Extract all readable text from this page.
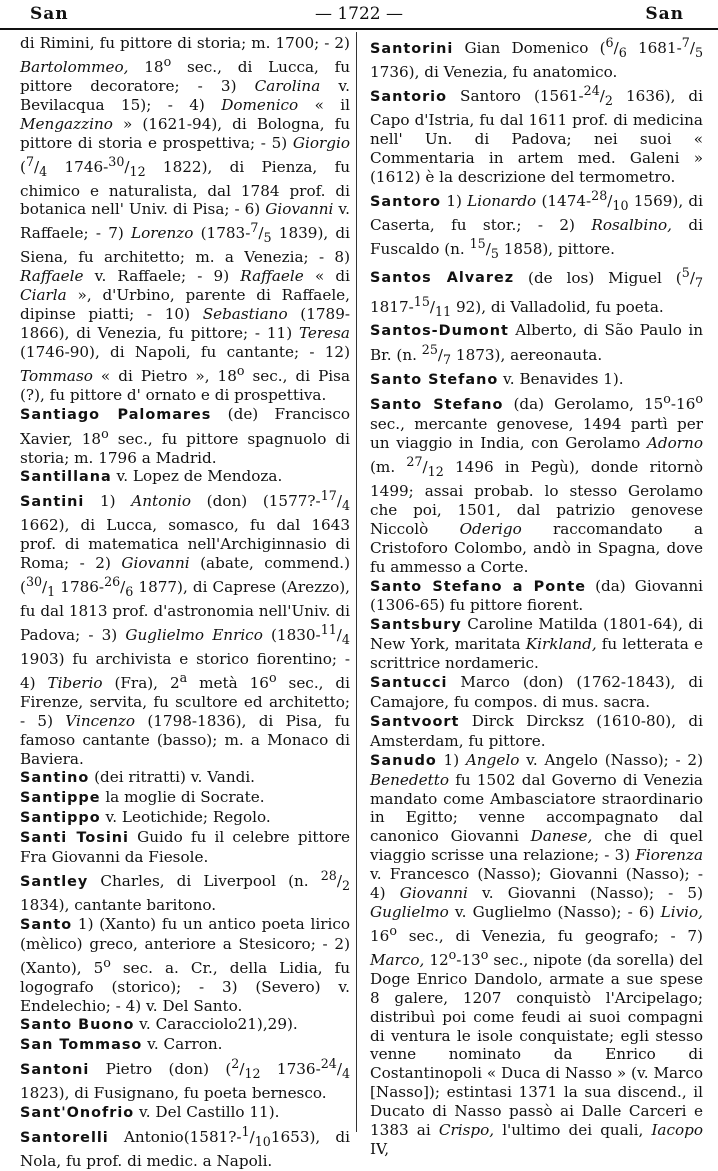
San	— 1722 —	San

di Rimini, fu pittore di storia; m. 1700; - 2) Bartolommeo, 18$^o$ sec., di Lucca, fu pittore decoratore; - 3) Carolina v. Bevilacqua 15); - 4) Domenico « il Mengazzino » (1621-94), di Bologna, fu pittore di storia e prospettiva; - 5) Giorgio ($^7/_4$ $1746-^{30}/_{12}$ 1822), di Pienza, fu chimico e naturalista, dal 1784 prof. di botanica nell' Univ. di Pisa; - 6) Giovanni v. Raffaele; - 7) Lorenzo ($1783-^7/_5$ 1839), di Siena, fu architetto; m. a Venezia; - 8) Raffaele v. Raffaele; - 9) Raffaele « di Ciarla », d'Urbino, parente di Raffaele, dipinse piatti; - 10) Sebastiano (1789-1866), di Venezia, fu pittore; - 11) Teresa (1746-90), di Napoli, fu cantante; - 12) Tommaso « di Pietro », 18$^o$ sec., di Pisa (?), fu pittore d' ornato e di prospettiva.

Santiago Palomares (de) Francisco Xavier, 18$^o$ sec., fu pittore spagnuolo di storia; m. 1796 a Madrid.

Santillana v. Lopez de Mendoza.

Santini 1) Antonio (don) ($1577?-^{17}/_4$ 1662), di Lucca, somasco, fu dal 1643 prof. di matematica nell'Archiginnasio di Roma; - 2) Giovanni (abate, commend.) ($^{30}/_1$ $1786-^{26}/_6$ 1877), di Caprese (Arezzo), fu dal 1813 prof. d'astronomia nell'Univ. di Padova; - 3) Guglielmo Enrico ($1830-^{11}/_4$ 1903) fu archivista e storico fiorentino; - 4) Tiberio (Fra), 2$^a$ metà 16$^o$ sec., di Firenze, servita, fu scultore ed architetto; - 5) Vincenzo (1798-1836), di Pisa, fu famoso cantante (basso); m. a Monaco di Baviera.

Santino (dei ritratti) v. Vandi.

Santippe la moglie di Socrate.

Santippo v. Leotichide; Regolo.

Santi Tosini Guido fu il celebre pittore Fra Giovanni da Fiesole.

Santley Charles, di Liverpool (n. $^{28}/_2$ 1834), cantante baritono.

Santo 1) (Xanto) fu un antico poeta lirico (mèlico) greco, anteriore a Stesicoro; - 2) (Xanto), 5$^o$ sec. a. Cr., della Lidia, fu logografo (storico); - 3) (Severo) v. Endelechio; - 4) v. Del Santo.

Santo Buono v. Caracciolo21),29).

San Tommaso v. Carron.

Santoni Pietro (don) ($^2/_{12}$ $1736-^{24}/_4$ 1823), di Fusignano, fu poeta bernesco.

Sant'Onofrio v. Del Castillo 11).

Santorelli $Antonio(1581?-^1/_{10}1653)$, di Nola, fu prof. di medic. a Napoli.

Santorini Gian Domenico ($^6/_6$ $1681-^7/_5$ 1736), di Venezia, fu anatomico.

Santorio Santoro ($1561-^{24}/_2$ 1636), di Capo d'Istria, fu dal 1611 prof. di medicina nell' Un. di Padova; nei suoi « Commentaria in artem med. Galeni » (1612) è la descrizione del termometro.

Santoro 1) Lionardo ($1474-^{28}/_{10}$ 1569), di Caserta, fu stor.; - 2) Rosalbino, di Fuscaldo (n. $^{15}/_5$ 1858), pittore.

Santos Alvarez (de los) Miguel ($^5/_7$ $1817-^{15}/_{11}$ 92), di Valladolid, fu poeta.

Santos-Dumont Alberto, di São Paulo in Br. (n. $^{25}/_7$ 1873), aereonauta.

Santo Stefano v. Benavides 1).

Santo Stefano (da) Gerolamo, 15$^o$-16$^o$ sec., mercante genovese, 1494 partì per un viaggio in India, con Gerolamo Adorno (m. $^{27}/_{12}$ 1496 in Pegù), donde ritornò 1499; assai probab. lo stesso Gerolamo che poi, 1501, dal patrizio genovese Niccolò Oderigo raccomandato a Cristoforo Colombo, andò in Spagna, dove fu ammesso a Corte.

Santo Stefano a Ponte (da) Giovanni (1306-65) fu pittore fiorent.

Santsbury Caroline Matilda (1801-64), di New York, maritata Kirkland, fu letterata e scrittrice nordameric.

Santucci Marco (don) (1762-1843), di Camajore, fu compos. di mus. sacra.

Santvoort Dirck Dircksz (1610-80), di Amsterdam, fu pittore.

Sanudo 1) Angelo v. Angelo (Nasso); - 2) Benedetto fu 1502 dal Governo di Venezia mandato come Ambasciatore straordinario in Egitto; venne accompagnato dal canonico Giovanni Danese, che di quel viaggio scrisse una relazione; - 3) Fiorenza v. Francesco (Nasso); Giovanni (Nasso); - 4) Giovanni v. Giovanni (Nasso); - 5) Guglielmo v. Guglielmo (Nasso); - 6) Livio, 16$^o$ sec., di Venezia, fu geografo; - 7) Marco, 12$^o$-13$^o$ sec., nipote (da sorella) del Doge Enrico Dandolo, armate a sue spese 8 galere, 1207 conquistò l'Arcipelago; distribuì poi come feudi ai suoi compagni di ventura le isole conquistate; egli stesso venne nominato da Enrico di Costantinopoli « Duca di Nasso » (v. Marco [Nasso]); estintasi 1371 la sua discend., il Ducato di Nasso passò ai Dalle Carceri e 1383 ai Crispo, l'ultimo dei quali, Iacopo IV,
